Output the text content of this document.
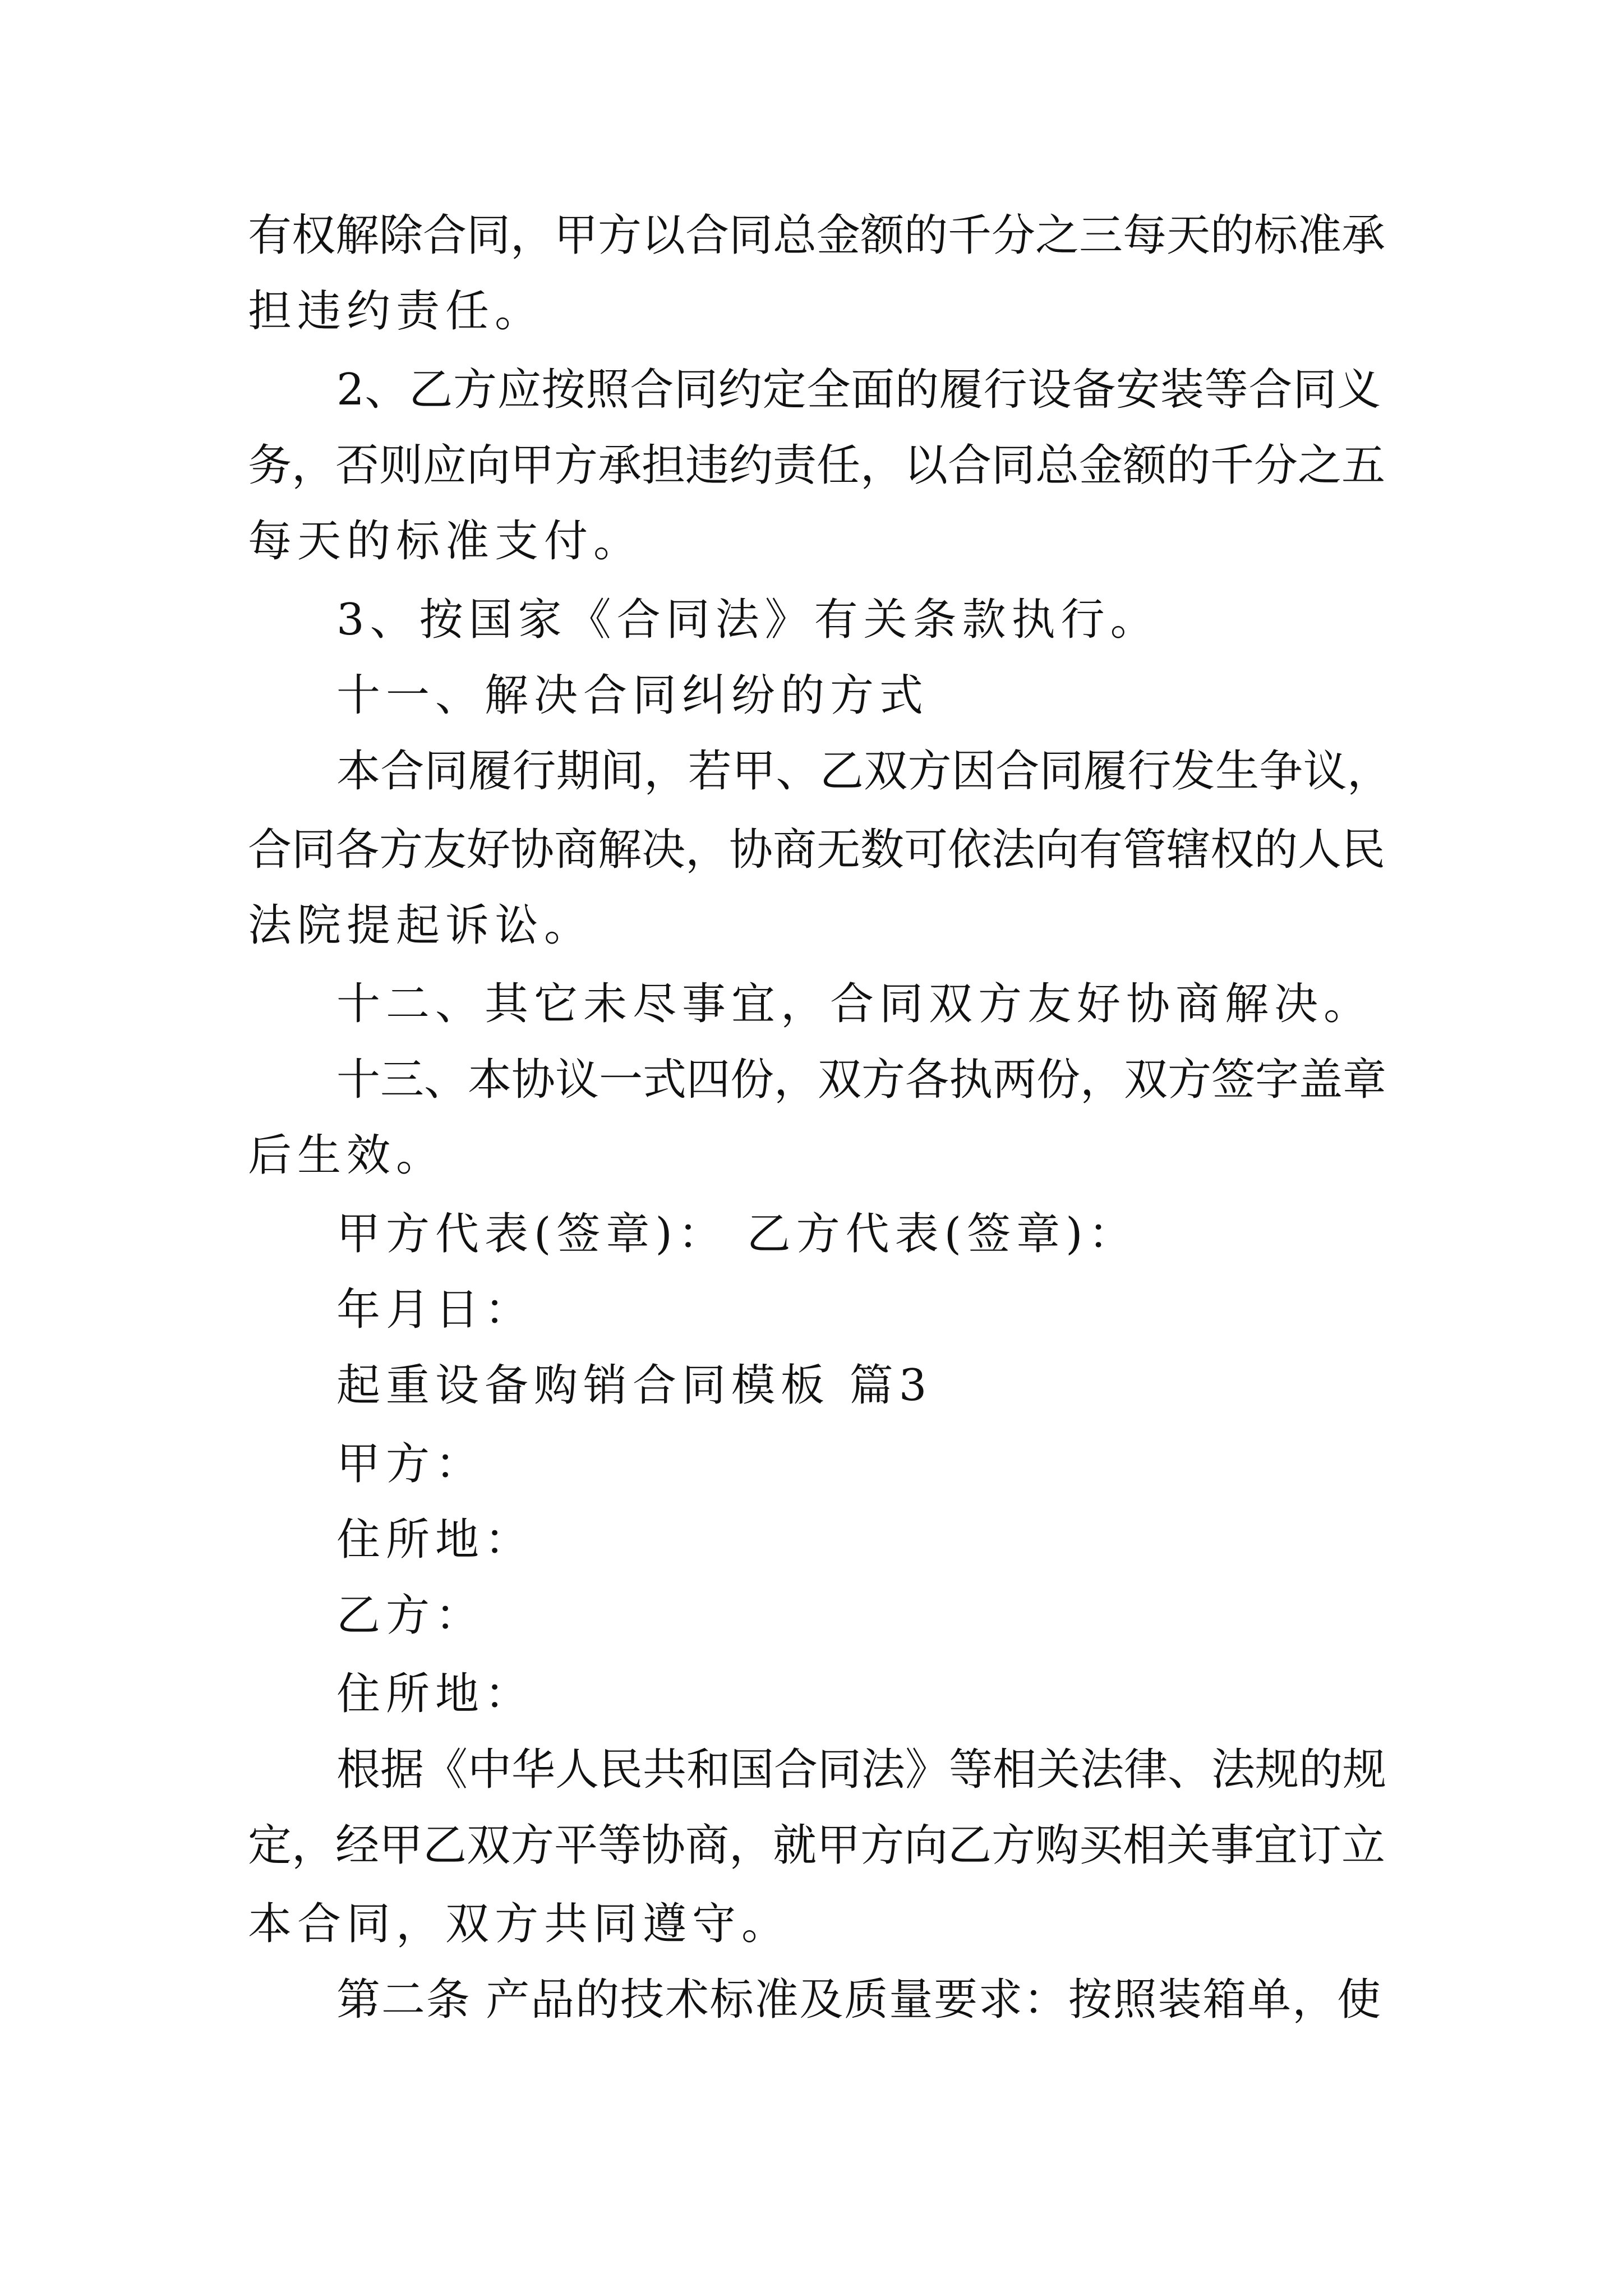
有权解除合同，甲方以合同总金额的千分之三每天的标准承
担违约责任。
2、乙方应按照合同约定全面的履行设备安装等合同义
务，否则应向甲方承担违约责任，以合同总金额的千分之五
每天的标准支付。
3、按国家《合同法》有关条款执行。
十一、解决合同纠纷的方式
本合同履行期间，若甲、乙双方因合同履行发生争议，
合同各方友好协商解决，协商无数可依法向有管辖权的人民
法院提起诉讼。
十二、其它未尽事宜，合同双方友好协商解决。
十三、本协议一式四份，双方各执两份，双方签字盖章
后生效。
甲方代表(签章)： 乙方代表(签章)：
年月日：
起重设备购销合同模板 篇3
甲方：
住所地：
乙方：
住所地：
根据《中华人民共和国合同法》等相关法律、法规的规
定，经甲乙双方平等协商，就甲方向乙方购买相关事宜订立
本合同，双方共同遵守。
第二条 产品的技术标准及质量要求：按照装箱单，使
